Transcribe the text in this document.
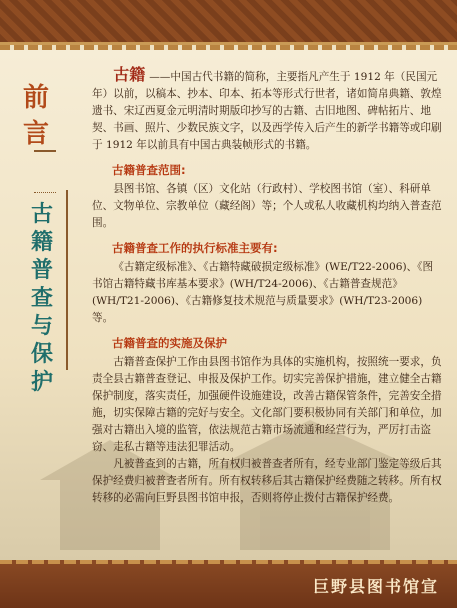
前
言
古
籍
普
查
与
保
护

古籍 ——中国古代书籍的简称，主要指凡产生于 1912 年（民国元年）以前，以稿本、抄本、印本、拓本等形式行世者，诸如简帛典籍、敦煌遗书、宋辽西夏金元明清时期版印抄写的古籍、古旧地图、碑帖拓片、地契、书画、照片、少数民族文字，以及西学传入后产生的新学书籍等或印刷于 1912 年以前具有中国古典装帧形式的书籍。

古籍普查范围:

县图书馆、各镇（区）文化站（行政村）、学校图书馆（室）、科研单位、文物单位、宗教单位（藏经阁）等；个人或私人收藏机构均纳入普查范围。

古籍普查工作的执行标准主要有:

《古籍定级标准》、《古籍特藏破损定级标准》(WE/T22-2006)、《图书馆古籍特藏书库基本要求》(WH/T24-2006)、《古籍普查规范》(WH/T21-2006)、《古籍修复技术规范与质量要求》(WH/T23-2006)等。

古籍普查的实施及保护

古籍普查保护工作由县图书馆作为具体的实施机构，按照统一要求，负责全县古籍普查登记、申报及保护工作。切实完善保护措施，建立健全古籍保护制度，落实责任，加强硬件设施建设，改善古籍保管条件，完善安全措施，切实保障古籍的完好与安全。文化部门要积极协同有关部门和单位，加强对古籍出入境的监管，依法规范古籍市场流通和经营行为，严厉打击盗窃、走私古籍等违法犯罪活动。

凡被普查到的古籍，所有权归被普查者所有，经专业部门鉴定等级后其保护经费归被普查者所有。所有权转移后其古籍保护经费随之转移。所有权转移的必需向巨野县图书馆申报，否则将停止拨付古籍保护经费。

巨野县图书馆宣
